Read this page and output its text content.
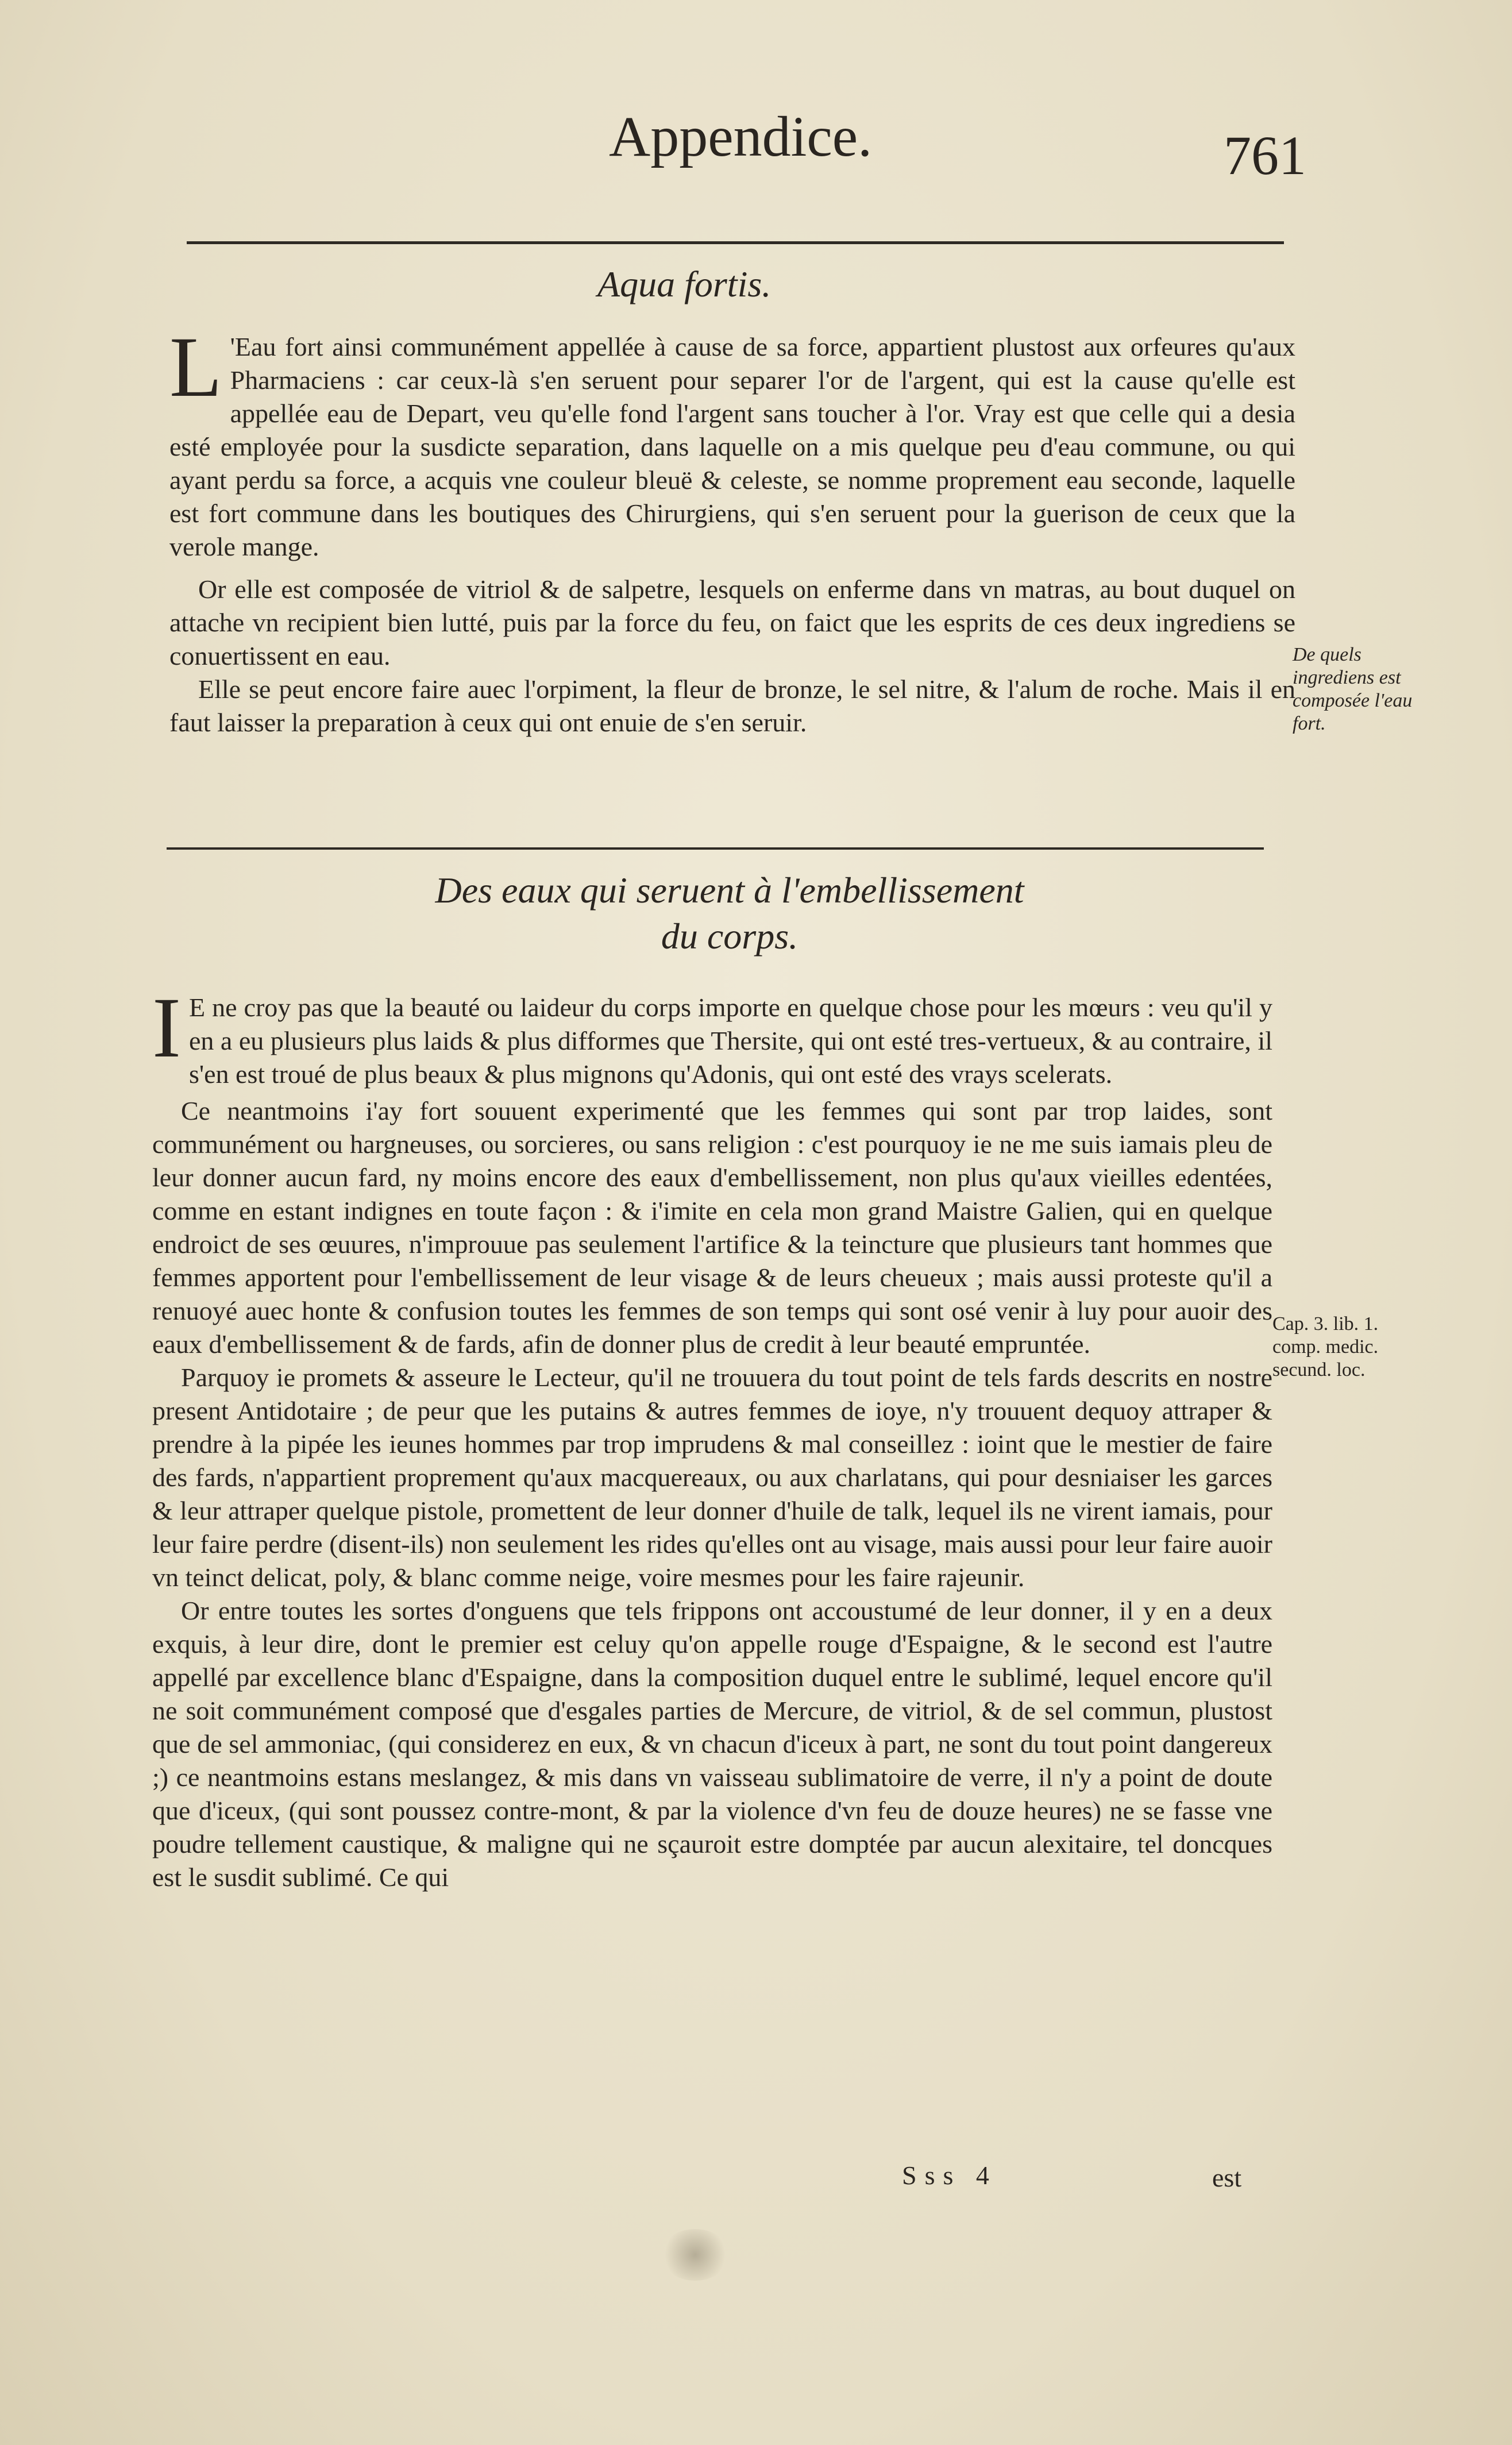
Appendice.	761
Aqua fortis.

L 'Eau fort ainsi communément appellée à cause de sa force, appartient plustost aux orfeures qu'aux Pharmaciens : car ceux-là s'en seruent pour separer l'or de l'argent, qui est la cause qu'elle est appellée eau de Depart, veu qu'elle fond l'argent sans toucher à l'or. Vray est que celle qui a desia esté employée pour la susdicte separation, dans laquelle on a mis quelque peu d'eau commune, ou qui ayant perdu sa force, a acquis vne couleur bleuë & celeste, se nomme proprement eau seconde, laquelle est fort commune dans les boutiques des Chirurgiens, qui s'en seruent pour la guerison de ceux que la verole mange.

Or elle est composée de vitriol & de salpetre, lesquels on enferme dans vn matras, au bout duquel on attache vn recipient bien lutté, puis par la force du feu, on faict que les esprits de ces deux ingrediens se conuertissent en eau.

Elle se peut encore faire auec l'orpiment, la fleur de bronze, le sel nitre, & l'alum de roche. Mais il en faut laisser la preparation à ceux qui ont enuie de s'en seruir.

De quels ingrediens est composée l'eau fort.
Des eaux qui seruent à l'embellissement
du corps.

I E ne croy pas que la beauté ou laideur du corps importe en quelque chose pour les mœurs : veu qu'il y en a eu plusieurs plus laids & plus difformes que Thersite, qui ont esté tres-vertueux, & au contraire, il s'en est troué de plus beaux & plus mignons qu'Adonis, qui ont esté des vrays scelerats.

Ce neantmoins i'ay fort souuent experimenté que les femmes qui sont par trop laides, sont communément ou hargneuses, ou sorcieres, ou sans religion : c'est pourquoy ie ne me suis iamais pleu de leur donner aucun fard, ny moins encore des eaux d'embellissement, non plus qu'aux vieilles edentées, comme en estant indignes en toute façon : & i'imite en cela mon grand Maistre Galien, qui en quelque endroict de ses œuures, n'improuue pas seulement l'artifice & la teincture que plusieurs tant hommes que femmes apportent pour l'embellissement de leur visage & de leurs cheueux ; mais aussi proteste qu'il a renuoyé auec honte & confusion toutes les femmes de son temps qui sont osé venir à luy pour auoir des eaux d'embellissement & de fards, afin de donner plus de credit à leur beauté empruntée.

Parquoy ie promets & asseure le Lecteur, qu'il ne trouuera du tout point de tels fards descrits en nostre present Antidotaire ; de peur que les putains & autres femmes de ioye, n'y trouuent dequoy attraper & prendre à la pipée les ieunes hommes par trop imprudens & mal conseillez : ioint que le mestier de faire des fards, n'appartient proprement qu'aux macquereaux, ou aux charlatans, qui pour desniaiser les garces & leur attraper quelque pistole, promettent de leur donner d'huile de talk, lequel ils ne virent iamais, pour leur faire perdre (disent-ils) non seulement les rides qu'elles ont au visage, mais aussi pour leur faire auoir vn teinct delicat, poly, & blanc comme neige, voire mesmes pour les faire rajeunir.

Or entre toutes les sortes d'onguens que tels frippons ont accoustumé de leur donner, il y en a deux exquis, à leur dire, dont le premier est celuy qu'on appelle rouge d'Espaigne, & le second est l'autre appellé par excellence blanc d'Espaigne, dans la composition duquel entre le sublimé, lequel encore qu'il ne soit communément composé que d'esgales parties de Mercure, de vitriol, & de sel commun, plustost que de sel ammoniac, (qui considerez en eux, & vn chacun d'iceux à part, ne sont du tout point dangereux ;) ce neantmoins estans meslangez, & mis dans vn vaisseau sublimatoire de verre, il n'y a point de doute que d'iceux, (qui sont poussez contre-mont, & par la violence d'vn feu de douze heures) ne se fasse vne poudre tellement caustique, & maligne qui ne sçauroit estre domptée par aucun alexitaire, tel doncques est le susdit sublimé. Ce qui

Cap. 3. lib. 1. comp. medic. secund. loc.
Sss 4	est
